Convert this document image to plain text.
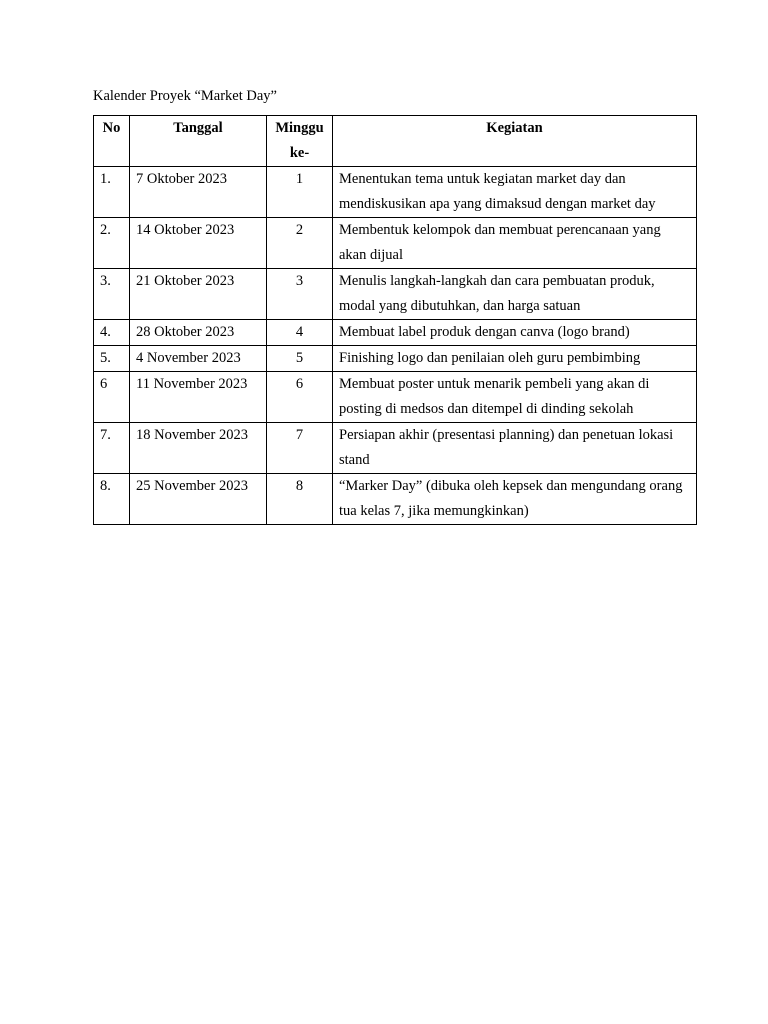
Kalender Proyek “Market Day”
No	Tanggal	Minggu ke-	Kegiatan
1.	7 Oktober 2023	1	Menentukan tema untuk kegiatan market day dan mendiskusikan apa yang dimaksud dengan market day
2.	14 Oktober 2023	2	Membentuk kelompok dan membuat perencanaan yang akan dijual
3.	21 Oktober 2023	3	Menulis langkah-langkah dan cara pembuatan produk, modal yang dibutuhkan, dan harga satuan
4.	28 Oktober 2023	4	Membuat label produk dengan canva (logo brand)
5.	4 November 2023	5	Finishing logo dan penilaian oleh guru pembimbing
6	11 November 2023	6	Membuat poster untuk menarik pembeli yang akan di posting di medsos dan ditempel di dinding sekolah
7.	18 November 2023	7	Persiapan akhir (presentasi planning) dan penetuan lokasi stand
8.	25 November 2023	8	“Marker Day” (dibuka oleh kepsek dan mengundang orang tua kelas 7, jika memungkinkan)
